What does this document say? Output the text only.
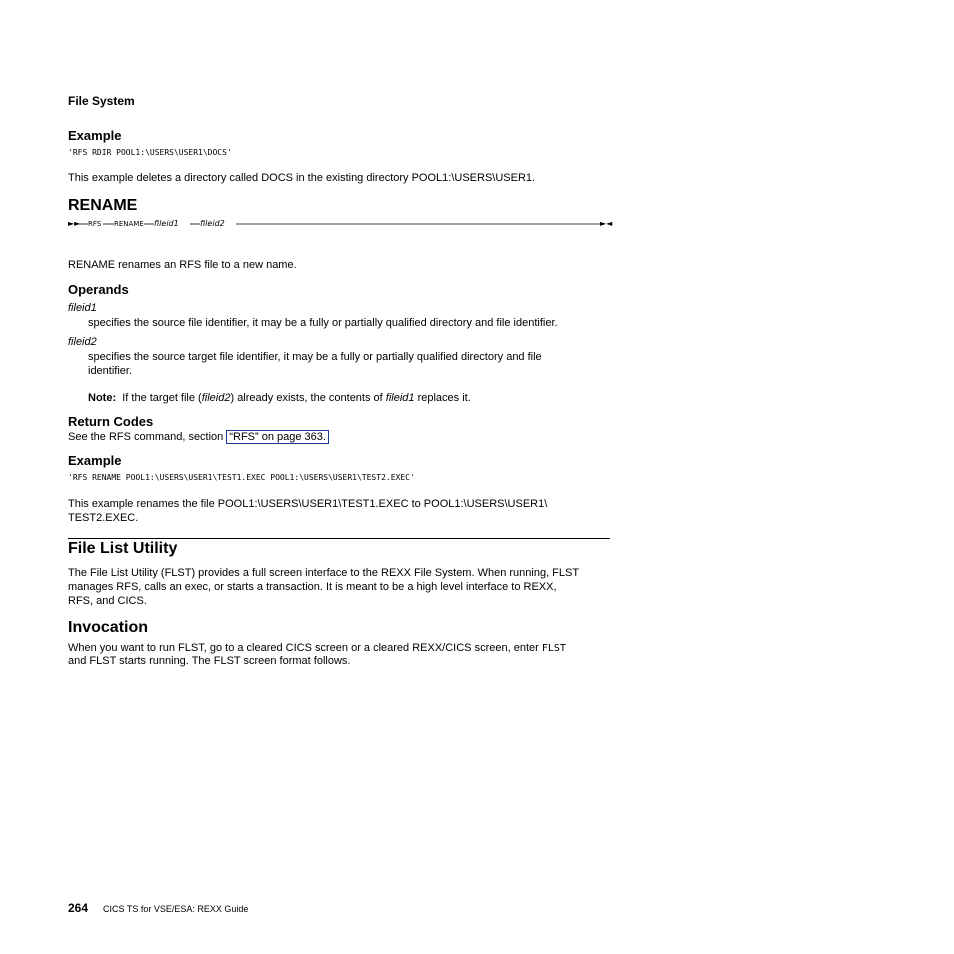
File System
Example
'RFS RDIR POOL1:\USERS\USER1\DOCS'
This example deletes a directory called DOCS in the existing directory POOL1:\USERS\USER1.
RENAME
►► RFS RENAME fileid1	fileid2	►◄
RENAME renames an RFS file to a new name.
Operands
fileid1
specifies the source file identifier, it may be a fully or partially qualified directory and file identifier.
fileid2
specifies the source target file identifier, it may be a fully or partially qualified directory and file identifier.
Note: If the target file (fileid2) already exists, the contents of fileid1 replaces it.
Return Codes
See the RFS command, section “RFS” on page 363.
Example
'RFS RENAME POOL1:\USERS\USER1\TEST1.EXEC POOL1:\USERS\USER1\TEST2.EXEC'
This example renames the file POOL1:\USERS\USER1\TEST1.EXEC to POOL1:\USERS\USER1\
TEST2.EXEC.
File List Utility
The File List Utility (FLST) provides a full screen interface to the REXX File System. When running, FLST
manages RFS, calls an exec, or starts a transaction. It is meant to be a high level interface to REXX,
RFS, and CICS.
Invocation
When you want to run FLST, go to a cleared CICS screen or a cleared REXX/CICS screen, enter FLST
and FLST starts running. The FLST screen format follows.
264 CICS TS for VSE/ESA: REXX Guide
